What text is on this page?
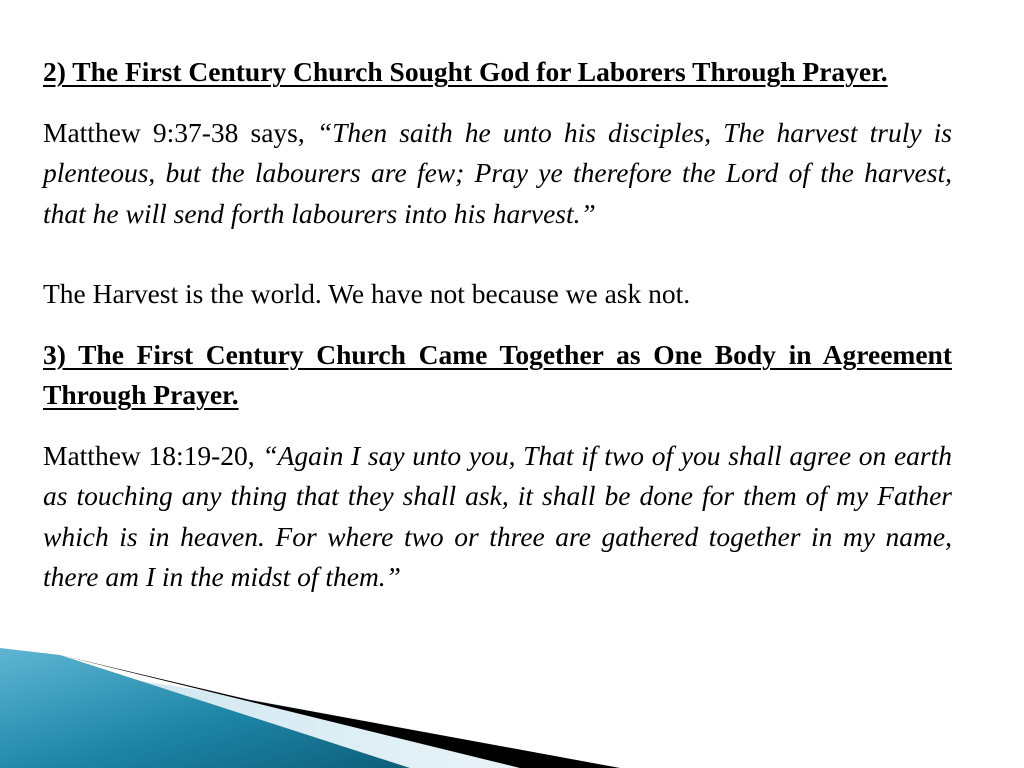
2) The First Century Church Sought God for Laborers Through Prayer.

Matthew 9:37-38 says, “Then saith he unto his disciples, The harvest truly is plenteous, but the labourers are few; Pray ye therefore the Lord of the harvest, that he will send forth labourers into his harvest.”

The Harvest is the world. We have not because we ask not.

3) The First Century Church Came Together as One Body in Agreement Through Prayer.

Matthew 18:19-20, “Again I say unto you, That if two of you shall agree on earth as touching any thing that they shall ask, it shall be done for them of my Father which is in heaven. For where two or three are gathered together in my name, there am I in the midst of them.”
